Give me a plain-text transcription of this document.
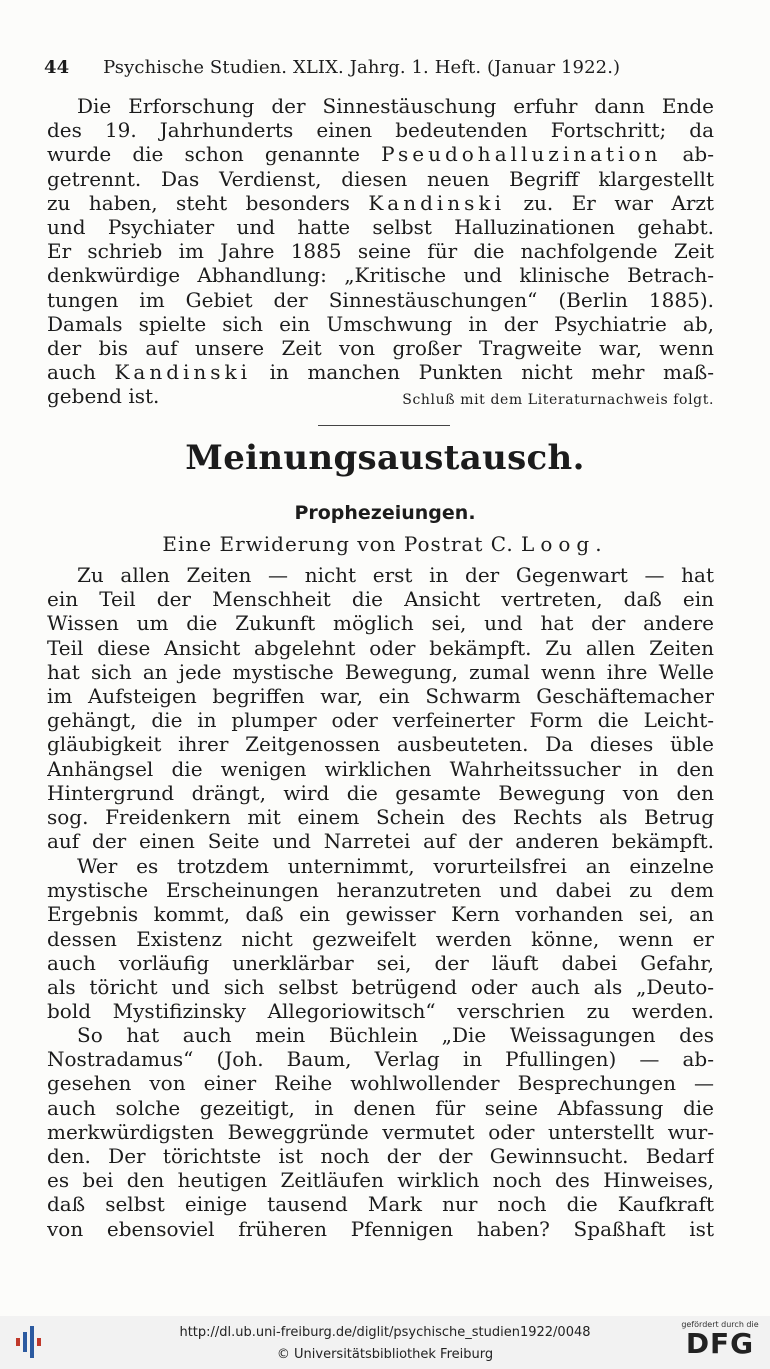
44 Psychische Studien. XLIX. Jahrg. 1. Heft. (Januar 1922.)
Die Erforschung der Sinnestäuschung erfuhr dann Ende
des 19. Jahrhunderts einen bedeutenden Fortschritt; da
wurde die schon genannte Pseudohalluzination ab-
getrennt. Das Verdienst, diesen neuen Begriff klargestellt
zu haben, steht besonders Kandinski zu. Er war Arzt
und Psychiater und hatte selbst Halluzinationen gehabt.
Er schrieb im Jahre 1885 seine für die nachfolgende Zeit
denkwürdige Abhandlung: „Kritische und klinische Betrach-
tungen im Gebiet der Sinnestäuschungen“ (Berlin 1885).
Damals spielte sich ein Umschwung in der Psychiatrie ab,
der bis auf unsere Zeit von großer Tragweite war, wenn
auch Kandinski in manchen Punkten nicht mehr maß-
gebend ist.	Schluß mit dem Literaturnachweis folgt.
Meinungsaustausch.
Prophezeiungen.
Eine Erwiderung von Postrat C. Loog.
Zu allen Zeiten — nicht erst in der Gegenwart — hat
ein Teil der Menschheit die Ansicht vertreten, daß ein
Wissen um die Zukunft möglich sei, und hat der andere
Teil diese Ansicht abgelehnt oder bekämpft. Zu allen Zeiten
hat sich an jede mystische Bewegung, zumal wenn ihre Welle
im Aufsteigen begriffen war, ein Schwarm Geschäftemacher
gehängt, die in plumper oder verfeinerter Form die Leicht-
gläubigkeit ihrer Zeitgenossen ausbeuteten. Da dieses üble
Anhängsel die wenigen wirklichen Wahrheitssucher in den
Hintergrund drängt, wird die gesamte Bewegung von den
sog. Freidenkern mit einem Schein des Rechts als Betrug
auf der einen Seite und Narretei auf der anderen bekämpft.
Wer es trotzdem unternimmt, vorurteilsfrei an einzelne
mystische Erscheinungen heranzutreten und dabei zu dem
Ergebnis kommt, daß ein gewisser Kern vorhanden sei, an
dessen Existenz nicht gezweifelt werden könne, wenn er
auch vorläufig unerklärbar sei, der läuft dabei Gefahr,
als töricht und sich selbst betrügend oder auch als „Deuto-
bold Mystifizinsky Allegoriowitsch“ verschrien zu werden.
So hat auch mein Büchlein „Die Weissagungen des
Nostradamus“ (Joh. Baum, Verlag in Pfullingen) — ab-
gesehen von einer Reihe wohlwollender Besprechungen —
auch solche gezeitigt, in denen für seine Abfassung die
merkwürdigsten Beweggründe vermutet oder unterstellt wur-
den. Der törichtste ist noch der der Gewinnsucht. Bedarf
es bei den heutigen Zeitläufen wirklich noch des Hinweises,
daß selbst einige tausend Mark nur noch die Kaufkraft
von ebensoviel früheren Pfennigen haben? Spaßhaft ist
http://dl.ub.uni-freiburg.de/diglit/psychische_studien1922/0048
© Universitätsbibliothek Freiburg
gefördert durch die
DFG
